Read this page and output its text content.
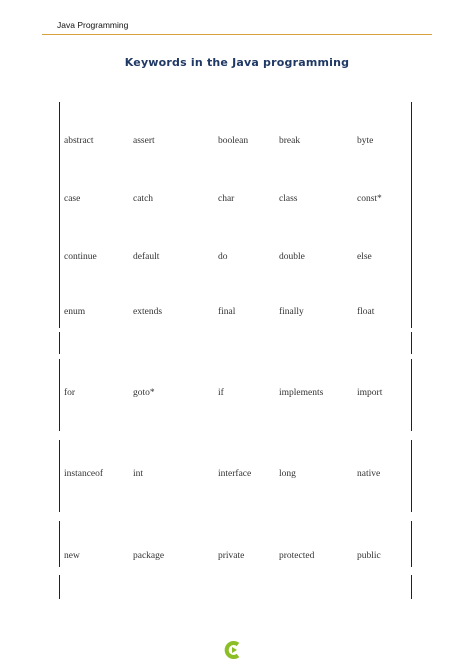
Java Programming
Keywords in the Java programming
abstract	assert	boolean	break	byte
case	catch	char	class	const*
continue	default	do	double	else
enum	extends	final	finally	float
for	goto*	if	implements	import
instanceof	int	interface	long	native
new	package	private	protected	public
